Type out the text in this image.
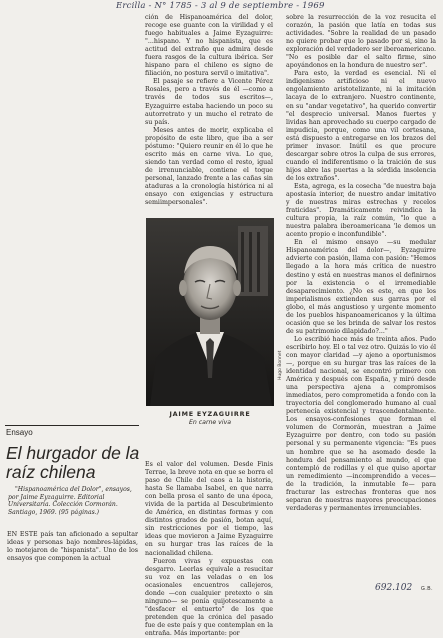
Ercilla - N° 1785 - 3 al 9 de septiembre - 1969

ción de Hispanoamérica del dolor, recoge ese guante con la virilidad y el fuego habituales a Jaime Eyzaguirre: "...hispano. Y no hispanista, que es actitud del extraño que admira desde fuera rasgos de la cultura ibérica. Ser hispano para el chileno es signo de filiación, no postura servil o imitativa".

El pasaje se refiere a Vicente Pérez Rosales, pero a través de él —como a través de todos sus escritos—, Eyzaguirre estaba haciendo un poco su autorretrato y un mucho el retrato de su país.

Meses antes de morir, explicaba el propósito de este libro, que iba a ser póstumo: "Quiero reunir en él lo que he escrito más en carne viva. Lo que, siendo tan verdad como el resto, igual de irrenunciable, contiene el toque personal, lanzado frente a las cañas sin ataduras a la cronología histórica ni al ensayo con exigencias y estructura semiimpersonales".

Hugo Bonnet
JAIME EYZAGUIRRE
En carne viva

Es el valor del volumen. Desde Finis Terrae, la breve nota en que se borra el paso de Chile del caos a la historia, hasta Se llamaba Isabel, en que narra con bella prosa el santo de una época, vivida de la partida al Descubrimiento de América, en distintas formas y con distintos grados de pasión, botan aquí, sin restricciones por el tiempo, las ideas que movieron a Jaime Eyzaguirre en su hurgar tras las raíces de la nacionalidad chilena.

Fueron vivas y expuestas con desgarro. Leerlas equivale a resucitar su voz en las veladas o en los ocasionales encuentros callejeros, donde —con cualquier pretexto o sin ninguno— se ponía quijotescamente a "desfacer el entuerto" de los que pretenden que la crónica del pasado fue de este país y que contemplan en la entraña. Más importante: por

Ensayo
El hurgador de la raíz chilena
"Hispanoamérica del Dolor", ensayos, por Jaime Eyzaguirre. Editorial Universitaria. Colección Cormorán. Santiago, 1969. (95 páginas.)

EN ESTE país tan aficionado a sepultar ideas y personas bajo nombres-lápidas, lo motejaron de "hispanista". Uno de los ensayos que componen la actual

sobre la resurrección de la voz resucita el corazón, la pasión que latía en todas sus actividades. "Sobre la realidad de un pasado no quiere probar que lo pasado por si, sino la exploración del verdadero ser iberoamericano. "No es posible dar el salto firme, sino apoyándonos en la hondura de nuestro ser".

Para esto, la verdad es esencial. Ni el indigenismo artificioso ni el nuevo engolamiento aristotelizante, ni la imitación lacaya de lo extranjero. Nuestro continente, en su "andar vegetativo", ha querido convertir "el desprecio universal. Manos fuertes y lividas han aprovechado su cuerpo cargado de impudicia, porque, como una vil cortesana, está dispuesto a entregarse en los brazos del primer invasor. Inútil es que procure descargar sobre otros la culpa de sus errores, cuando el indiferentismo o la traición de sus hijos abre las puertas a la sórdida insolencia de los extraños".

Esta, agrega, es la cosecha "de nuestra baja apostasía interior, de nuestro andar imitativo y de nuestras miras estrechas y recelos fraticidas". Dramáticamente reivindica la cultura propia, la raíz común, "lo que a nuestra palabra iberoamericana 'le demos un acento propio e inconfundible".

En el mismo ensayo —su medular Hispanoamérica del dolor—, Eyzaguirre advierte con pasión, llama con pasión: "Hemos llegado a la hora más crítica de nuestro destino y está en nuestras manos el definirnos por la existencia o el irremediable desaparecimiento. ¿No es este, en que los imperialismos extienden sus garras por el globo, el más angustioso y urgente momento de los pueblos hispanoamericanos y la última ocasión que se les brinda de salvar los restos de su patrimonio dilapidado?..."

Lo escribió hace más de treinta años. Pudo escribirlo hoy. El o tal vez otro. Quizás lo vio él con mayor claridad —y ajeno a oportunismos—, porque en su hurgar tras las raíces de la identidad nacional, se encontró primero con América y después con España, y miró desde una perspectiva ajena a compromisos inmediatos, pero comprometida a fondo con la trayectoria del conglomerado humano al cual pertenecía existencial y trascendentalmente. Los ensayos-confesiones que forman el volumen de Cormorán, muestran a Jaime Eyzaguirre por dentro, con todo su pasión personal y su permanente vigencia: "Es pues un hombre que se ha asomado desde la hondura del pensamiento al mundo, el que contempló de rodillas y el que quiso aportar un remedimiento —incomprendido a veces— de la tradición, la inmutable fe— para fracturar las estrechas fronteras que nos separan de nuestras mayores preocupaciones verdaderas y permanentes irrenunciables.

692.102 G.B.
